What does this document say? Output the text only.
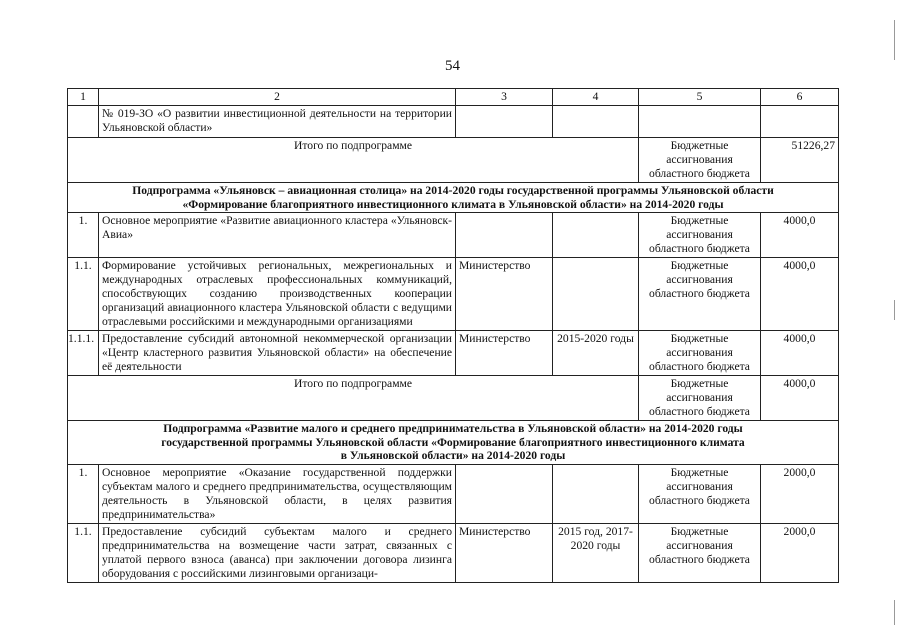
54
1	2	3	4	5	6
	№ 019-ЗО «О развитии инвестиционной деятельности на территории Ульяновской области»				
Итого по подпрограмме				Бюджетные ассигнования областного бюджета	51226,27

Подпрограмма «Ульяновск – авиационная столица» на 2014-2020 годы государственной программы Ульяновской области
«Формирование благоприятного инвестиционного климата в Ульяновской области» на 2014-2020 годы					

1.	Основное мероприятие «Развитие авиационного кластера «Ульяновск-Авиа»			Бюджетные ассигнования областного бюджета	4000,0
1.1.	Формирование устойчивых региональных, межрегиональных и международных отраслевых профессиональных коммуникаций, способствующих созданию производственных кооперации организаций авиационного кластера Ульяновской области с ведущими отраслевыми российскими и международными организациями	Министерство		Бюджетные ассигнования областного бюджета	4000,0
1.1.1.	Предоставление субсидий автономной некоммерческой организации «Центр кластерного развития Ульяновской области» на обеспечение её деятельности	Министерство	2015-2020 годы	Бюджетные ассигнования областного бюджета	4000,0
Итого по подпрограмме				Бюджетные ассигнования областного бюджета	4000,0

Подпрограмма «Развитие малого и среднего предпринимательства в Ульяновской области» на 2014-2020 годы
государственной программы Ульяновской области «Формирование благоприятного инвестиционного климата
в Ульяновской области» на 2014-2020 годы					

1.	Основное мероприятие «Оказание государственной поддержки субъектам малого и среднего предпринимательства, осуществляющим деятельность в Ульяновской области, в целях развития предпринимательства»			Бюджетные ассигнования областного бюджета	2000,0
1.1.	Предоставление субсидий субъектам малого и среднего предпринимательства на возмещение части затрат, связанных с уплатой первого взноса (аванса) при заключении договора лизинга оборудования с российскими лизинговыми организаци-	Министерство	2015 год, 2017-2020 годы	Бюджетные ассигнования областного бюджета	2000,0
